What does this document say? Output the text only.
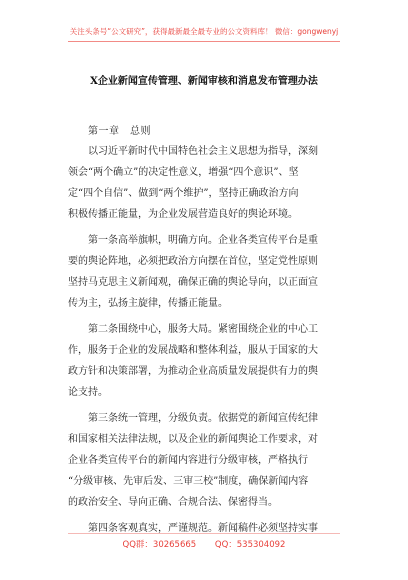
关注头条号“公文研究”，获得最新最全最专业的公文资料库！ 微信：gongwenyj
X企业新闻宣传管理、新闻审核和消息发布管理办法
第一章　总则
以习近平新时代中国特色社会主义思想为指导，深刻
领会“两个确立”的决定性意义，增强“四个意识”、坚
定“四个自信”、做到“两个维护”，坚持正确政治方向
积极传播正能量，为企业发展营造良好的舆论环境。
第一条高举旗帜，明确方向。企业各类宣传平台是重
要的舆论阵地，必须把政治方向摆在首位，坚定党性原则
坚持马克思主义新闻观，确保正确的舆论导向，以正面宣
传为主，弘扬主旋律，传播正能量。
第二条围绕中心，服务大局。紧密围绕企业的中心工
作，服务于企业的发展战略和整体利益，服从于国家的大
政方针和决策部署，为推动企业高质量发展提供有力的舆
论支持。
第三条统一管理，分级负责。依据党的新闻宣传纪律
和国家相关法律法规，以及企业的新闻舆论工作要求，对
企业各类宣传平台的新闻内容进行分级审核，严格执行
“分级审核、先审后发、三审三校”制度，确保新闻内容
的政治安全、导向正确、合规合法、保密得当。
第四条客观真实，严谨规范。新闻稿件必须坚持实事
QQ群：30265665 QQ：535304092
